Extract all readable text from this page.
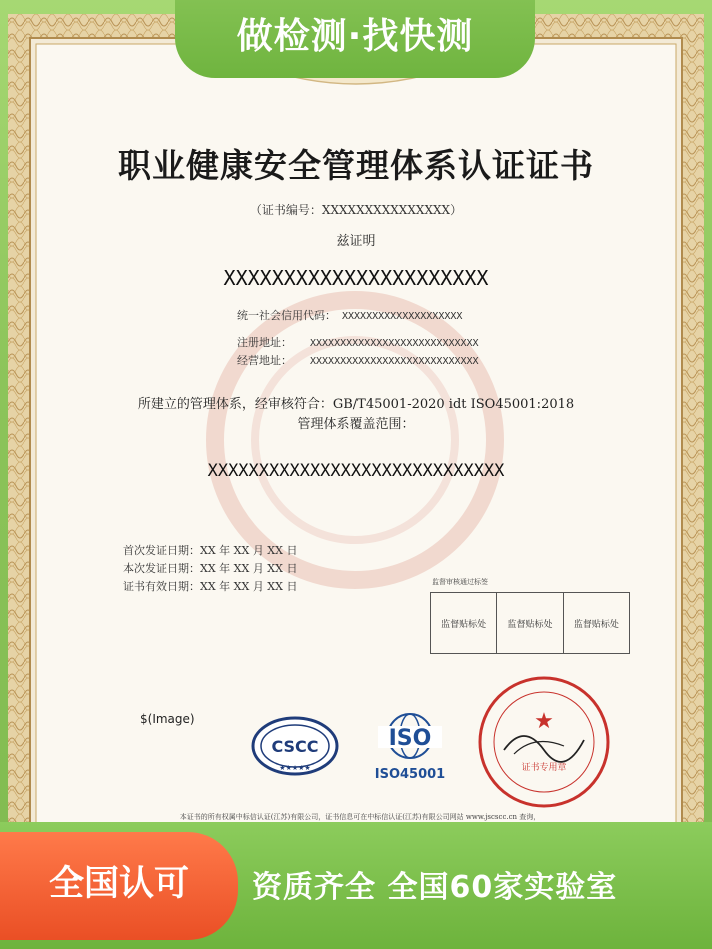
做检测·找快测
职业健康安全管理体系认证证书
（证书编号：XXXXXXXXXXXXXXX）
兹证明
XXXXXXXXXXXXXXXXXXXXXX
统一社会信用代码： XXXXXXXXXXXXXXXXXXXX
注册地址： XXXXXXXXXXXXXXXXXXXXXXXXXXXX
经营地址： XXXXXXXXXXXXXXXXXXXXXXXXXXXX
所建立的管理体系，经审核符合：GB/T45001-2020 idt ISO45001:2018
管理体系覆盖范围：
XXXXXXXXXXXXXXXXXXXXXXXXXXXXX
首次发证日期：XX 年 XX 月 XX 日
本次发证日期：XX 年 XX 月 XX 日
证书有效日期：XX 年 XX 月 XX 日	监督审核通过标签
监督贴标处	监督贴标处	监督贴标处
$(Image)
CSCC
★★★★★
ISO
ISO45001
★
证书专用章
本证书的所有权属中标信认证(江苏)有限公司，证书信息可在中标信认证(江苏)有限公司网站 www.jscscc.cn 查询，
全国认可	资质齐全 全国60家实验室
